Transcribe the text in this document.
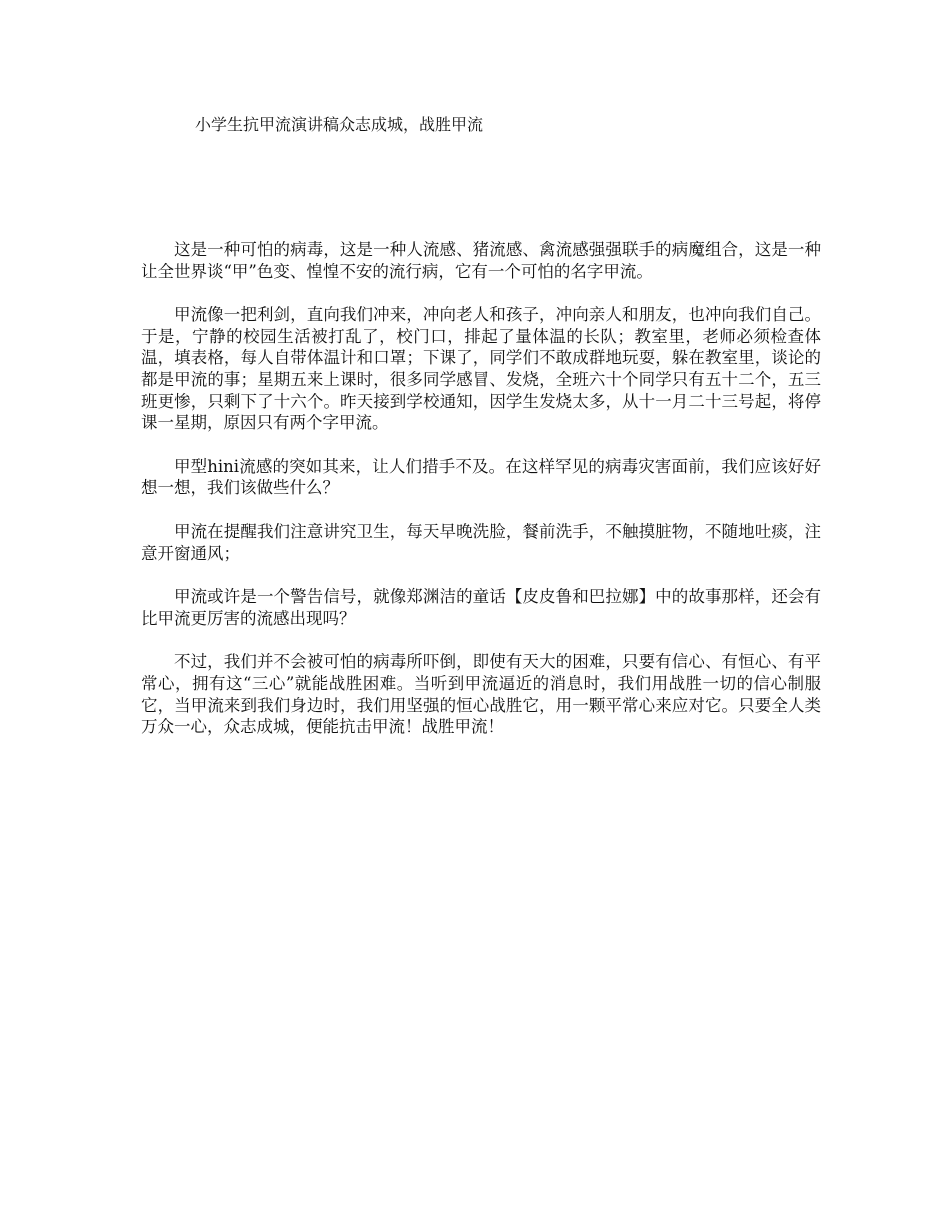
小学生抗甲流演讲稿众志成城，战胜甲流

这是一种可怕的病毒，这是一种人流感、猪流感、禽流感强强联手的病魔组合，这是一种让全世界谈“甲”色变、惶惶不安的流行病，它有一个可怕的名字甲流。

甲流像一把利剑，直向我们冲来，冲向老人和孩子，冲向亲人和朋友，也冲向我们自己。于是，宁静的校园生活被打乱了，校门口，排起了量体温的长队；教室里，老师必须检查体温，填表格，每人自带体温计和口罩；下课了，同学们不敢成群地玩耍，躲在教室里，谈论的都是甲流的事；星期五来上课时，很多同学感冒、发烧，全班六十个同学只有五十二个，五三班更惨，只剩下了十六个。昨天接到学校通知，因学生发烧太多，从十一月二十三号起，将停课一星期，原因只有两个字甲流。

甲型hini流感的突如其来，让人们措手不及。在这样罕见的病毒灾害面前，我们应该好好想一想，我们该做些什么？

甲流在提醒我们注意讲究卫生，每天早晚洗脸，餐前洗手，不触摸脏物，不随地吐痰，注意开窗通风；

甲流或许是一个警告信号，就像郑渊洁的童话【皮皮鲁和巴拉娜】中的故事那样，还会有比甲流更厉害的流感出现吗？

不过，我们并不会被可怕的病毒所吓倒，即使有天大的困难，只要有信心、有恒心、有平常心，拥有这“三心”就能战胜困难。当听到甲流逼近的消息时，我们用战胜一切的信心制服它，当甲流来到我们身边时，我们用坚强的恒心战胜它，用一颗平常心来应对它。只要全人类万众一心，众志成城，便能抗击甲流！战胜甲流！
